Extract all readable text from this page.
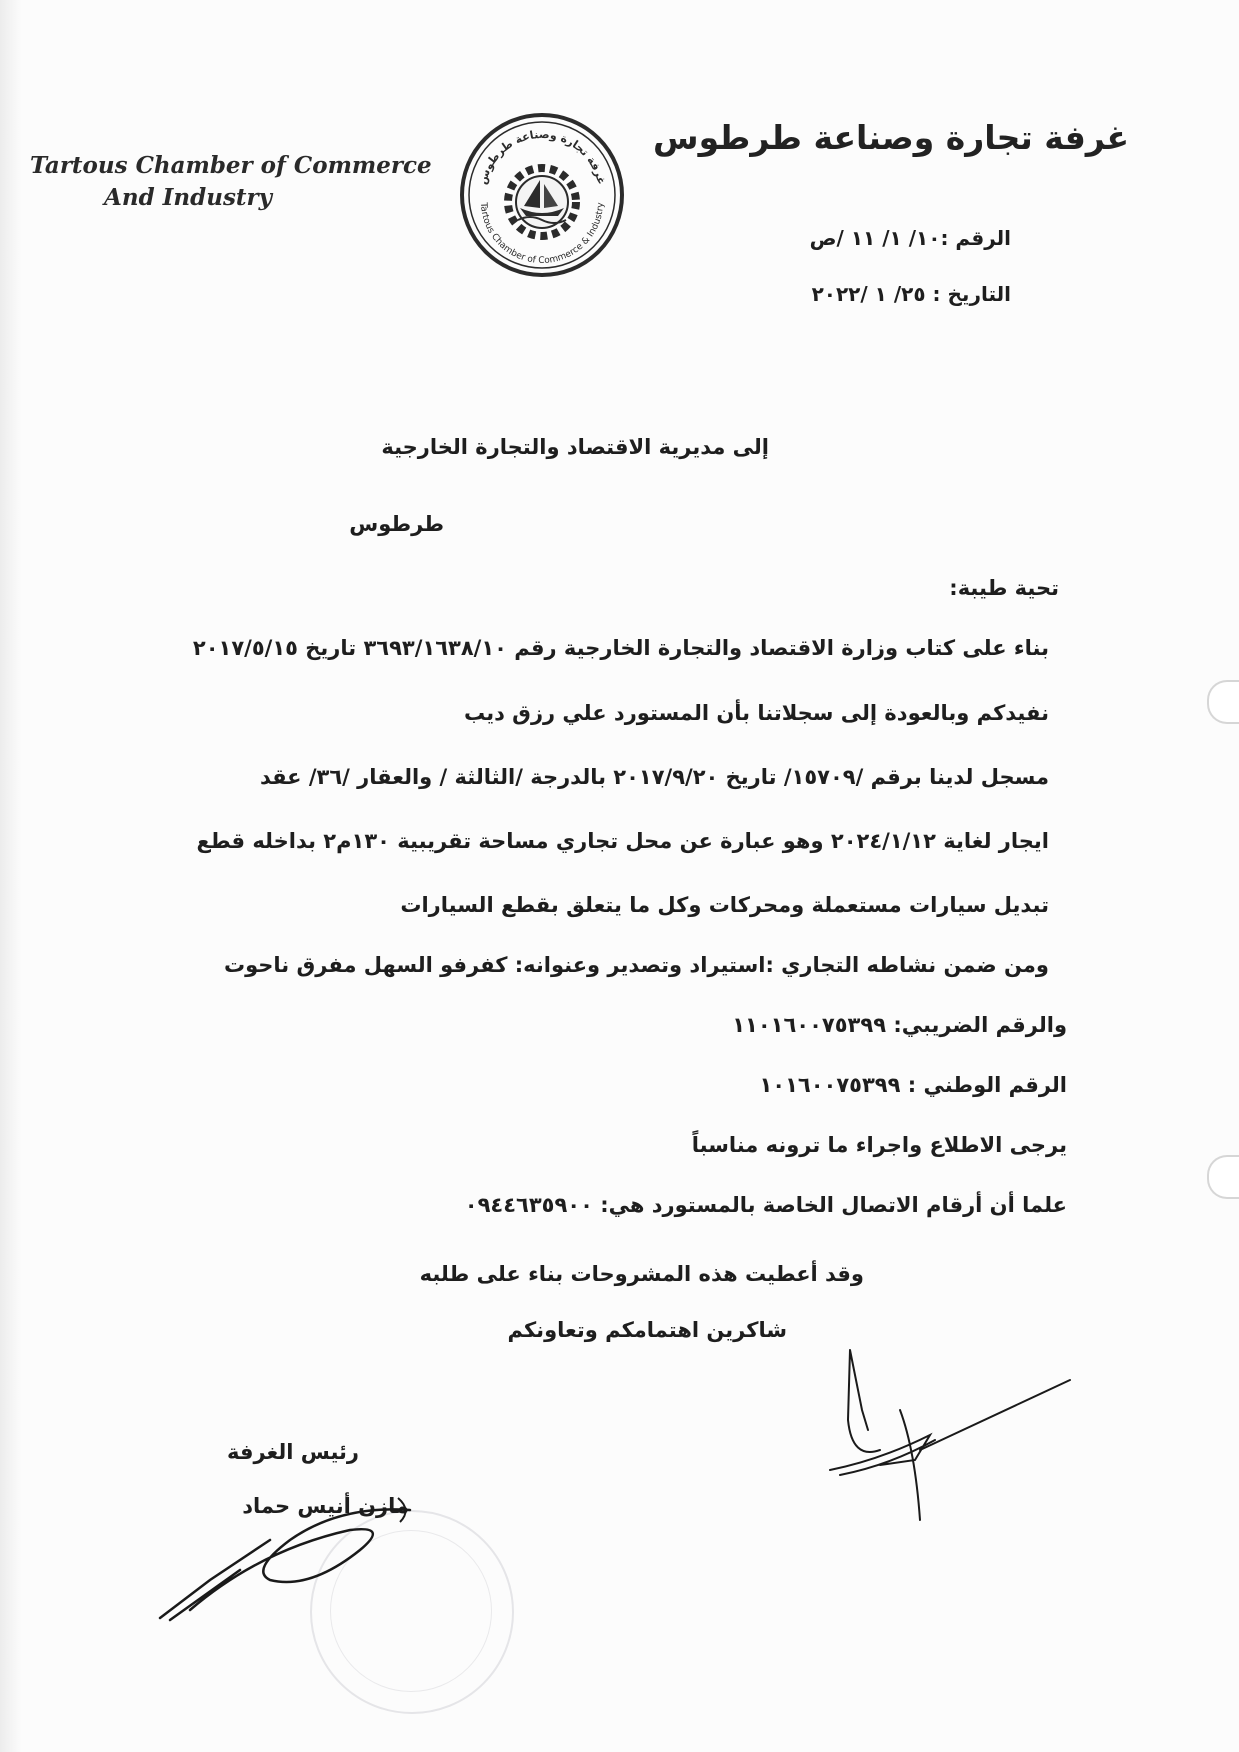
Tartous Chamber of Commerce
And Industry
غرفة تجارة وصناعة طرطوس
Tartous Chamber of Commerce & Industry
غرفة تجارة وصناعة طرطوس
الرقم :١٠/ ١/ ١١ /ص
التاريخ : ٢٥/ ١ /٢٠٢٢
إلى مديرية الاقتصاد والتجارة الخارجية
طرطوس
تحية طيبة:
بناء على كتاب وزارة الاقتصاد والتجارة الخارجية رقم ٣٦٩٣/١٦٣٨/١٠ تاريخ ٢٠١٧/٥/١٥
نفيدكم وبالعودة إلى سجلاتنا بأن المستورد علي رزق ديب
مسجل لدينا برقم /١٥٧٠٩/ تاريخ ٢٠١٧/٩/٢٠ بالدرجة /الثالثة / والعقار /٣٦/ عقد
ايجار لغاية ٢٠٢٤/١/١٢ وهو عبارة عن محل تجاري مساحة تقريبية ١٣٠م٢ بداخله قطع
تبديل سيارات مستعملة ومحركات وكل ما يتعلق بقطع السيارات
ومن ضمن نشاطه التجاري :استيراد وتصدير وعنوانه: كفرفو السهل مفرق ناحوت
والرقم الضريبي: ١١٠١٦٠٠٧٥٣٩٩
الرقم الوطني : ١٠١٦٠٠٧٥٣٩٩
يرجى الاطلاع واجراء ما ترونه مناسباً
علما أن أرقام الاتصال الخاصة بالمستورد هي: ٠٩٤٤٦٣٥٩٠٠
وقد أعطيت هذه المشروحات بناء على طلبه
شاكرين اهتمامكم وتعاونكم
رئيس الغرفة
مازن أنيس حماد
